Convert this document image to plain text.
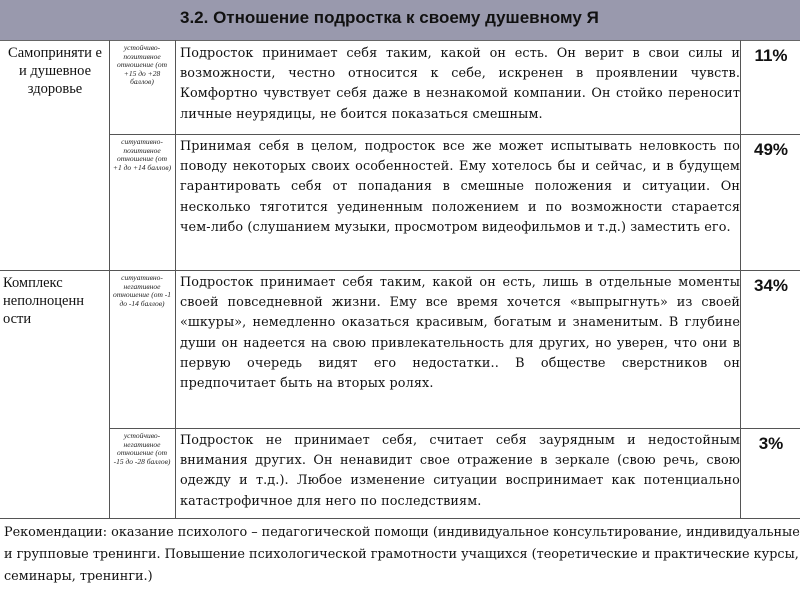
3.2. Отношение подростка к своему душевному Я
Самоприняти е и душевное здоровье
Комплекс неполноценн ости
устойчиво-позитивное отношение (от +15 до +28 баллов)
Подросток принимает себя таким, какой он есть. Он верит в свои силы и возможности, честно относится к себе, искренен в проявлении чувств. Комфортно чувствует себя даже в незнакомой компании. Он стойко переносит личные неурядицы, не боится показаться смешным.
11%
ситуативно-позитивное отношение (от +1 до +14 баллов)
Принимая себя в целом, подросток все же может испытывать неловкость по поводу некоторых своих особенностей. Ему хотелось бы и сейчас, и в будущем гарантировать себя от попадания в смешные положения и ситуации. Он несколько тяготится уединенным положением и по возможности старается чем-либо (слушанием музыки, просмотром видеофильмов и т.д.) заместить его.
49%
ситуативно-негативное отношение (от -1 до -14 баллов)
Подросток принимает себя таким, какой он есть, лишь в отдельные моменты своей повседневной жизни. Ему все время хочется «выпрыгнуть» из своей «шкуры», немедленно оказаться красивым, богатым и знаменитым. В глубине души он надеется на свою привлекательность для других, но уверен, что они в первую очередь видят его недостатки.. В обществе сверстников он предпочитает быть на вторых ролях.
34%
устойчиво-негативное отношение (от -15 до -28 баллов)
Подросток не принимает себя, считает себя заурядным и недостойным внимания других. Он ненавидит свое отражение в зеркале (свою речь, свою одежду и т.д.). Любое изменение ситуации воспринимает как потенциально катастрофичное для него по последствиям.
3%
Рекомендации: оказание психолого – педагогической помощи (индивидуальное консультирование, индивидуальные и групповые тренинги. Повышение психологической грамотности учащихся (теоретические и практические курсы, семинары, тренинги.)
